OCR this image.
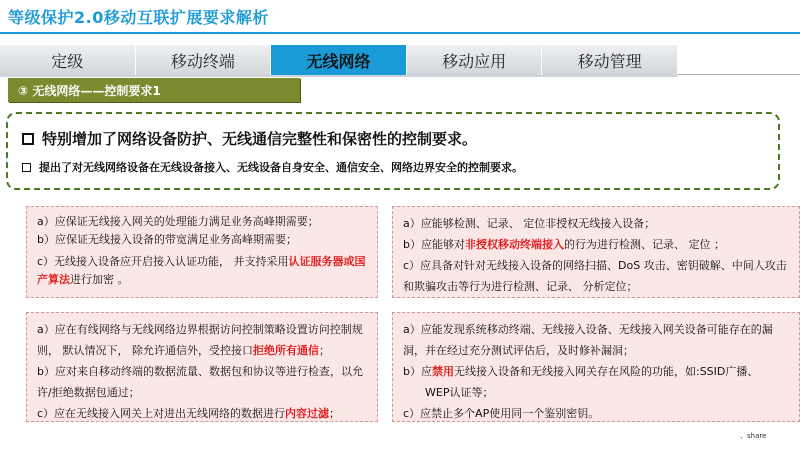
等级保护2.0移动互联扩展要求解析
定级	移动终端	无线网络	移动应用	移动管理
③ 无线网络——控制要求1
特别增加了网络设备防护、无线通信完整性和保密性的控制要求。
提出了对无线网络设备在无线设备接入、无线设备自身安全、通信安全、网络边界安全的控制要求。
a）应保证无线接入网关的处理能力满足业务高峰期需要；
b）应保证无线接入设备的带宽满足业务高峰期需要；
c）无线接入设备应开启接入认证功能， 并支持采用认证服务器或国产算法进行加密 。
a）应能够检测、记录、 定位非授权无线接入设备；
b）应能够对非授权移动终端接入的行为进行检测、记录、 定位 ；
c）应具备对针对无线接入设备的网络扫描、DoS 攻击、密钥破解、中间人攻击和欺骗攻击等行为进行检测、记录、 分析定位；
a）应在有线网络与无线网络边界根据访问控制策略设置访问控制规则， 默认情况下， 除允许通信外，受控接口拒绝所有通信；
b）应对来自移动终端的数据流量、数据包和协议等进行检查，以允许/拒绝数据包通过；
c）应在无线接入网关上对进出无线网络的数据进行内容过滤；
a）应能发现系统移动终端、无线接入设备、无线接入网关设备可能存在的漏洞，并在经过充分测试评估后，及时修补漏洞；
b）应禁用无线接入设备和无线接入网关存在风险的功能，如:SSID广播、
WEP认证等；
c）应禁止多个AP使用同一个鉴别密钥。
、share
